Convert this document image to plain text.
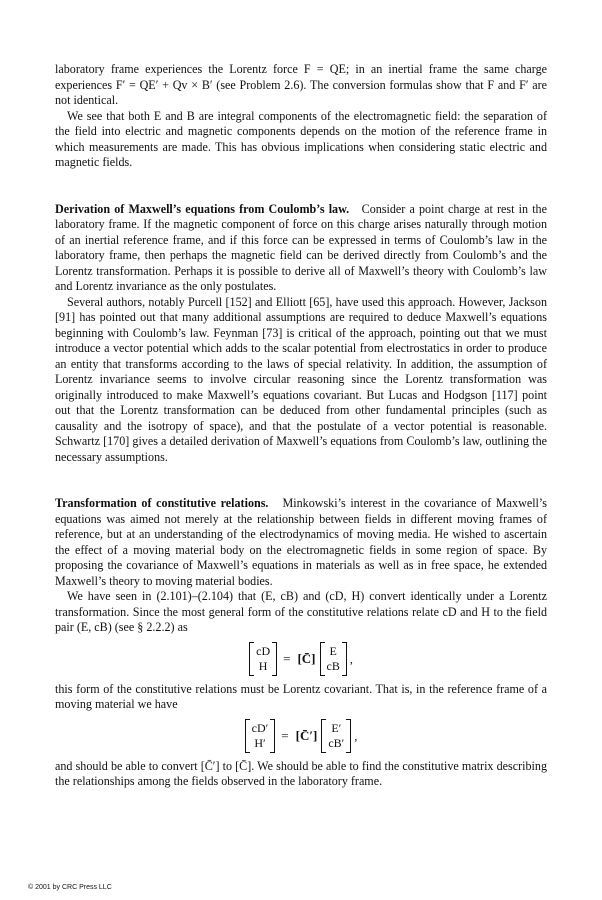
laboratory frame experiences the Lorentz force F = QE; in an inertial frame the same charge experiences F′ = QE′ + Qv × B′ (see Problem 2.6). The conversion formulas show that F and F′ are not identical.

We see that both E and B are integral components of the electromagnetic field: the separation of the field into electric and magnetic components depends on the motion of the reference frame in which measurements are made. This has obvious implications when considering static electric and magnetic fields.

Derivation of Maxwell’s equations from Coulomb’s law. Consider a point charge at rest in the laboratory frame. If the magnetic component of force on this charge arises naturally through motion of an inertial reference frame, and if this force can be expressed in terms of Coulomb’s law in the laboratory frame, then perhaps the magnetic field can be derived directly from Coulomb’s and the Lorentz transformation. Perhaps it is possible to derive all of Maxwell’s theory with Coulomb’s law and Lorentz invariance as the only postulates.

Several authors, notably Purcell [152] and Elliott [65], have used this approach. However, Jackson [91] has pointed out that many additional assumptions are required to deduce Maxwell’s equations beginning with Coulomb’s law. Feynman [73] is critical of the approach, pointing out that we must introduce a vector potential which adds to the scalar potential from electrostatics in order to produce an entity that transforms according to the laws of special relativity. In addition, the assumption of Lorentz invariance seems to involve circular reasoning since the Lorentz transformation was originally introduced to make Maxwell’s equations covariant. But Lucas and Hodgson [117] point out that the Lorentz transformation can be deduced from other fundamental principles (such as causality and the isotropy of space), and that the postulate of a vector potential is reasonable. Schwartz [170] gives a detailed derivation of Maxwell’s equations from Coulomb’s law, outlining the necessary assumptions.

Transformation of constitutive relations. Minkowski’s interest in the covariance of Maxwell’s equations was aimed not merely at the relationship between fields in different moving frames of reference, but at an understanding of the electrodynamics of moving media. He wished to ascertain the effect of a moving material body on the electromagnetic fields in some region of space. By proposing the covariance of Maxwell’s equations in materials as well as in free space, he extended Maxwell’s theory to moving material bodies.

We have seen in (2.101)–(2.104) that (E, cB) and (cD, H) convert identically under a Lorentz transformation. Since the most general form of the constitutive relations relate cD and H to the field pair (E, cB) (see § 2.2.2) as

cD
H = [C̄]
E
cB ,

this form of the constitutive relations must be Lorentz covariant. That is, in the reference frame of a moving material we have

cD′
H′ = [C̄′]
E′
cB′ ,

and should be able to convert [C̄′] to [C̄]. We should be able to find the constitutive matrix describing the relationships among the fields observed in the laboratory frame.

© 2001 by CRC Press LLC
